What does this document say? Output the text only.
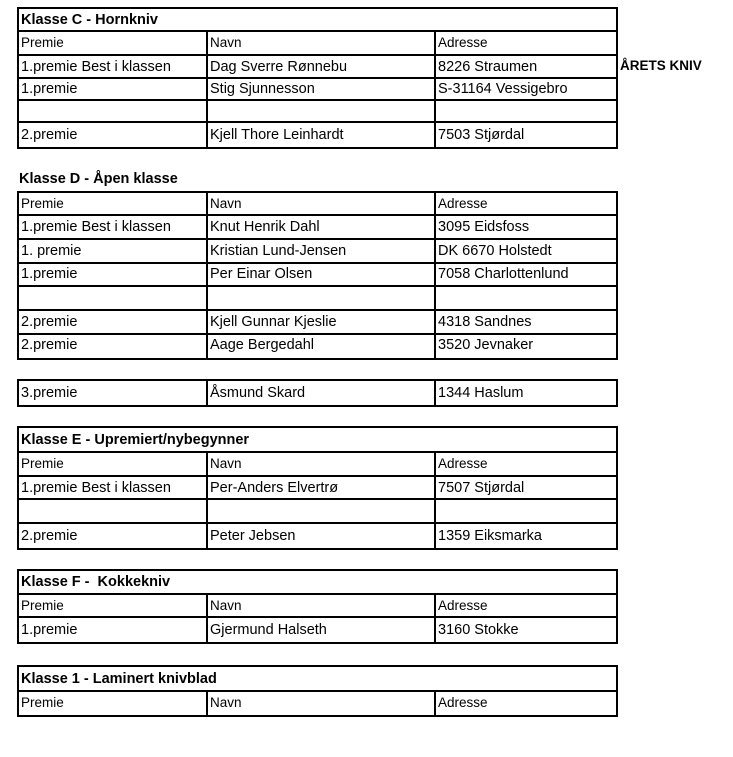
Klasse C - Hornkniv
Premie	Navn	Adresse
1.premie Best i klassen	Dag Sverre Rønnebu	8226 Straumen
1.premie	Stig Sjunnesson	S-31164 Vessigebro
2.premie	Kjell Thore Leinhardt	7503 Stjørdal
ÅRETS KNIV
Klasse D - Åpen klasse
Premie	Navn	Adresse
1.premie Best i klassen	Knut Henrik Dahl	3095 Eidsfoss
1. premie	Kristian Lund-Jensen	DK 6670 Holstedt
1.premie	Per Einar Olsen	7058 Charlottenlund
2.premie	Kjell Gunnar Kjeslie	4318 Sandnes
2.premie	Aage Bergedahl	3520 Jevnaker
3.premie	Åsmund Skard	1344 Haslum
Klasse E - Upremiert/nybegynner
Premie	Navn	Adresse
1.premie Best i klassen	Per-Anders Elvertrø	7507 Stjørdal
2.premie	Peter Jebsen	1359 Eiksmarka
Klasse F -  Kokkekniv
Premie	Navn	Adresse
1.premie	Gjermund Halseth	3160 Stokke
Klasse 1 - Laminert knivblad
Premie	Navn	Adresse
